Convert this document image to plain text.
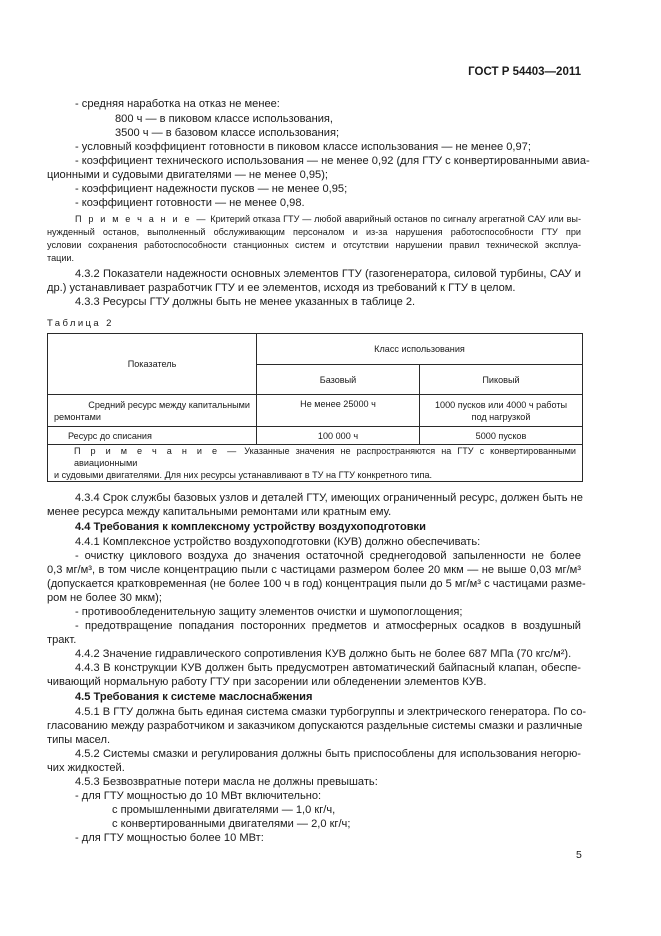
ГОСТ Р 54403—2011
- средняя наработка на отказ не менее:
800 ч — в пиковом классе использования,
3500 ч — в базовом классе использования;
- условный коэффициент готовности в пиковом классе использования — не менее 0,97;
- коэффициент технического использования — не менее 0,92 (для ГТУ с конвертированными авиа-
ционными и судовыми двигателями — не менее 0,95);
- коэффициент надежности пусков — не менее 0,95;
- коэффициент готовности — не менее 0,98.
П р и м е ч а н и е — Критерий отказа ГТУ — любой аварийный останов по сигналу агрегатной САУ или вы-
нужденный останов, выполненный обслуживающим персоналом и из-за нарушения работоспособности ГТУ при
условии сохранения работоспособности станционных систем и отсутствии нарушении правил технической эксплуа-
тации.
4.3.2 Показатели надежности основных элементов ГТУ (газогенератора, силовой турбины, САУ и
др.) устанавливает разработчик ГТУ и ее элементов, исходя из требований к ГТУ в целом.
4.3.3 Ресурсы ГТУ должны быть не менее указанных в таблице 2.
Таблица 2
Показатель	Класс использования	
	Базовый	Пиковый
Средний ресурс между капитальными

ремонтами	Не менее 25000 ч	1000 пусков или 4000 ч работы
под нагрузкой
Ресурс до списания	100 000 ч	5000 пусков

П р и м е ч а н и е — Указанные значения не распространяются на ГТУ с конвертированными авиационными
и судовыми двигателями. Для них ресурсы устанавливают в ТУ на ГТУ конкретного типа.		
4.3.4 Срок службы базовых узлов и деталей ГТУ, имеющих ограниченный ресурс, должен быть не
менее ресурса между капитальными ремонтами или кратным ему.
4.4 Требования к комплексному устройству воздухоподготовки
4.4.1 Комплексное устройство воздухоподготовки (КУВ) должно обеспечивать:
- очистку циклового воздуха до значения остаточной среднегодовой запыленности не более
0,3 мг/м³, в том числе концентрацию пыли с частицами размером более 20 мкм — не выше 0,03 мг/м³
(допускается кратковременная (не более 100 ч в год) концентрация пыли до 5 мг/м³ с частицами разме-
ром не более 30 мкм);
- противообледенительную защиту элементов очистки и шумопоглощения;
- предотвращение попадания посторонних предметов и атмосферных осадков в воздушный
тракт.
4.4.2 Значение гидравлического сопротивления КУВ должно быть не более 687 МПа (70 кгс/м²).
4.4.3 В конструкции КУВ должен быть предусмотрен автоматический байпасный клапан, обеспе-
чивающий нормальную работу ГТУ при засорении или обледенении элементов КУВ.
4.5 Требования к системе маслоснабжения
4.5.1 В ГТУ должна быть единая система смазки турбогруппы и электрического генератора. По со-
гласованию между разработчиком и заказчиком допускаются раздельные системы смазки и различные
типы масел.
4.5.2 Системы смазки и регулирования должны быть приспособлены для использования негорю-
чих жидкостей.
4.5.3 Безвозвратные потери масла не должны превышать:
- для ГТУ мощностью до 10 МВт включительно:
с промышленными двигателями — 1,0 кг/ч,
с конвертированными двигателями — 2,0 кг/ч;
- для ГТУ мощностью более 10 МВт:
5
